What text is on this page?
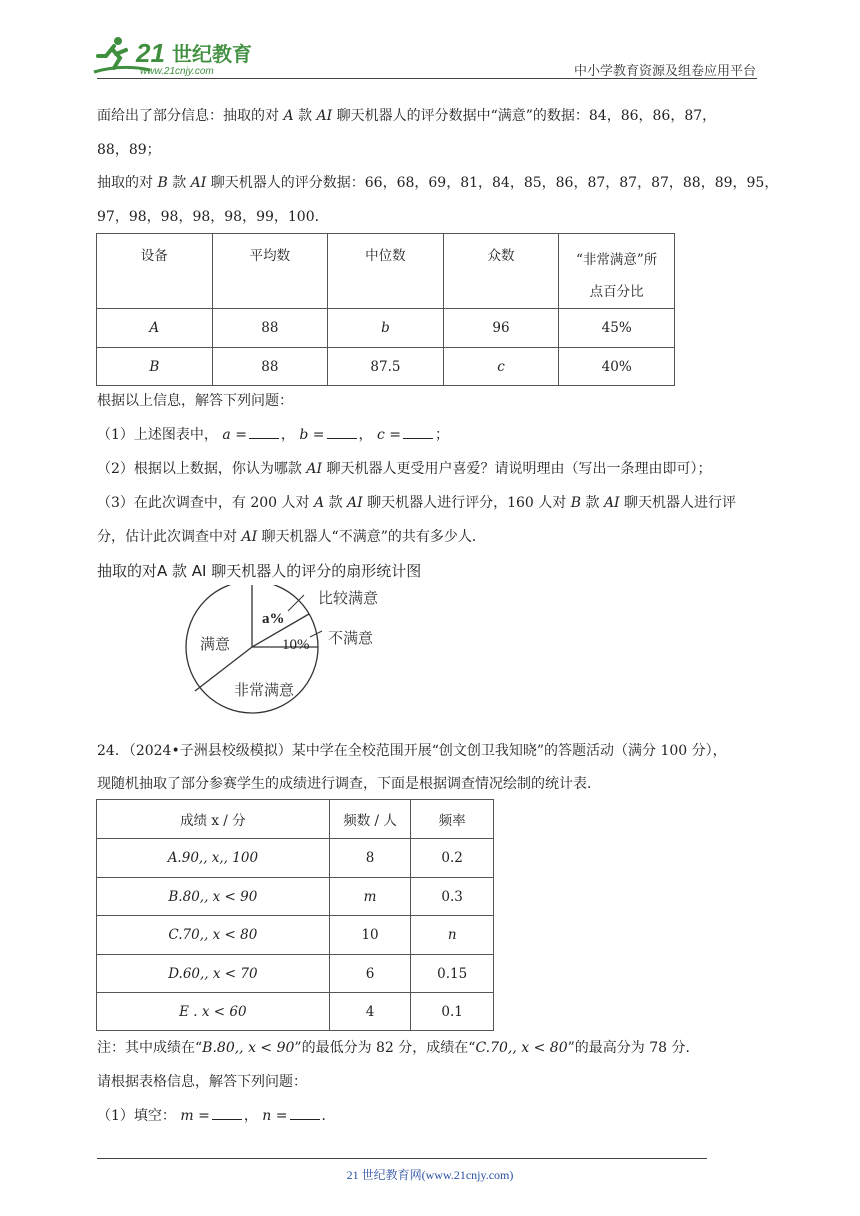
21 世纪教育
www.21cnjy.com	中小学教育资源及组卷应用平台
面给出了部分信息：抽取的对 A 款 AI 聊天机器人的评分数据中“满意”的数据：84，86，86，87，
88，89；
抽取的对 B 款 AI 聊天机器人的评分数据：66，68，69，81，84，85，86，87，87，87，88，89，95，
97，98，98，98，98，99，100．
设备	平均数	中位数	众数	“非常满意”所
点百分比

A	88	b	96	45%
B	88	87.5	c	40%
根据以上信息，解答下列问题：
（1）上述图表中， a = ， b = ， c = ；
（2）根据以上数据，你认为哪款 AI 聊天机器人更受用户喜爱？请说明理由（写出一条理由即可）；
（3）在此次调查中，有 200 人对 A 款 AI 聊天机器人进行评分，160 人对 B 款 AI 聊天机器人进行评
分，估计此次调查中对 AI 聊天机器人“不满意”的共有多少人．
抽取的对A 款 AI 聊天机器人的评分的扇形统计图
a%
10%
满意
非常满意
比较满意
不满意
24．（2024•子洲县校级模拟）某中学在全校范围开展“创文创卫我知晓”的答题活动（满分 100 分），
现随机抽取了部分参赛学生的成绩进行调查，下面是根据调查情况绘制的统计表．
成绩 x / 分	频数 / 人	频率
A.90,, x,, 100	8	0.2
B.80,, x < 90	m	0.3
C.70,, x < 80	10	n
D.60,, x < 70	6	0.15
E . x < 60	4	0.1
注：其中成绩在“B.80,, x < 90”的最低分为 82 分，成绩在“C.70,, x < 80”的最高分为 78 分．
请根据表格信息，解答下列问题：
（1）填空： m = ， n = ．
21 世纪教育网(www.21cnjy.com)
